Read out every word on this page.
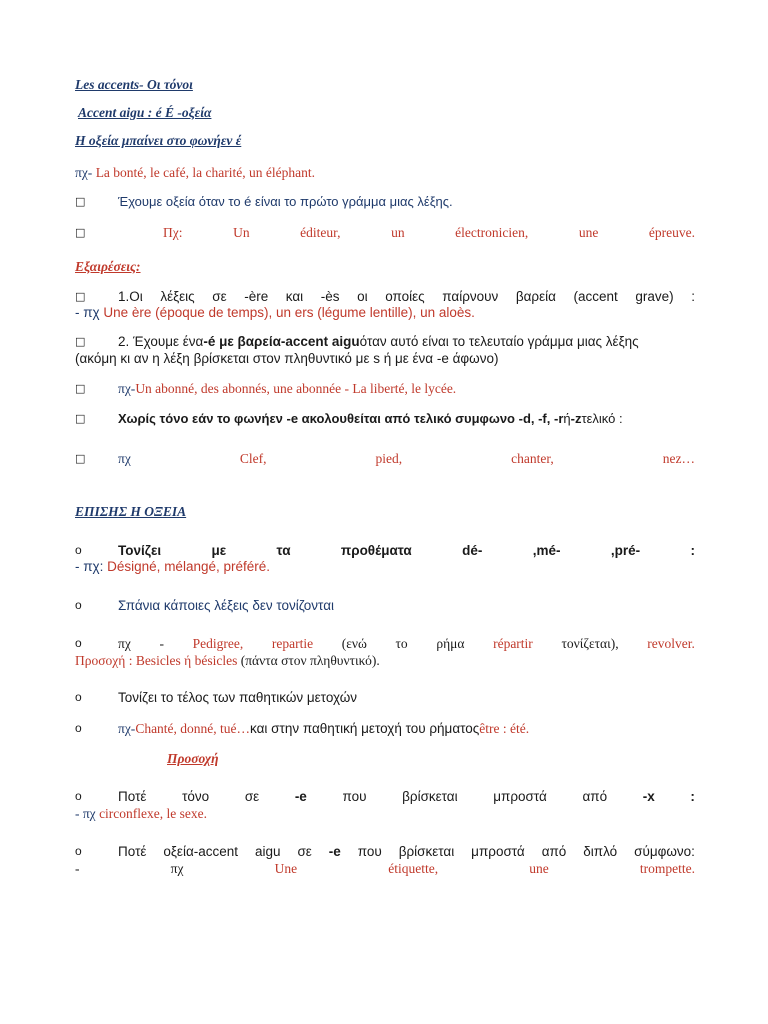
Les accents- Οι τόνοι
Accent aigu : é É -οξεία
Η οξεία μπαίνει στο φωνήεν έ
πχ- La bonté, le café, la charité, un éléphant.
□	Έχουμε οξεία όταν το é είναι το πρώτο γράμμα μιας λέξης.
□	Πχ:	Un	éditeur,	un	électronicien,	une	épreuve.
Εξαιρέσεις:
□ 1.Οι λέξεις σε -ère και -ès οι οποίες παίρνουν βαρεία (accent grave) :
- πχ Une ère (époque de temps), un ers (légume lentille), un aloès.
□ 2. Έχουμε ένα -é με βαρεία-accent aigu όταν αυτό είναι το τελευταίο γράμμα μιας λέξης
(ακόμη κι αν η λέξη βρίσκεται στον πληθυντικό με s ή με ένα -e άφωνο)
□ πχ- Un abonné, des abonnés, une abonnée - La liberté, le lycée.
□	Χωρίς τόνο εάν το φωνήεν -e ακολουθείται από τελικό συμφωνο -d, -f, -r ή -z τελικό :
□ πχ	Clef,	pied,	chanter,	nez…
ΕΠΙΣΗΣ Η ΟΞΕΙΑ
o	Τονίζει	με	τα	προθέματα	dé-	,mé-	,pré-	:
- πχ: Désigné, mélangé, préféré.
o	Σπάνια κάποιες λέξεις δεν τονίζονται
o	πχ - Pedigree, repartie (ενώ το ρήμα répartir τονίζεται), revolver.
Προσοχή : Besicles ή bésicles (πάντα στον πληθυντικό).
o	Τονίζει το τέλος των παθητικών μετοχών
o	πχ- Chanté, donné, tué… και στην παθητική μετοχή του ρήματος être : été.
Προσοχή
o	Ποτέ	τόνο	σε	-e	που	βρίσκεται	μπροστά	από	-x	:
- πχ circonflexe, le sexe.
o	Ποτέ οξεία-accent aigu σε -e που βρίσκεται μπροστά από διπλό σύμφωνο:
-	πχ	Une	étiquette,	une	trompette.
